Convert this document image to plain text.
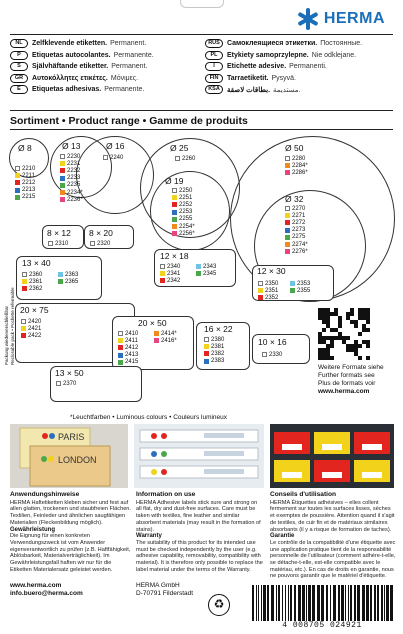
HERMA
NL	Zelfklevende etiketten. Permanent.
P	Etiquetas autocolantes. Permanente.
S	Självhäftande etiketter. Permanent.
GR	Αυτοκόλλητες ετικέτες. Μόνιμες.
E	Etiquetas adhesivas. Permanente.
RUS	Самоклеящиеся этикетки. Постоянные.
PL	Etykiety samoprzylepne. Nie odklejane.
I	Etichette adesive. Permanenti.
FIN	Tarraetiketit. Pysyvä.
KSA	بطاقات لاصقة. مستديمة.
Sortiment • Product range • Gamme de produits
Ø 8	Ø 13	Ø 16	Ø 25	Ø 50
Ø 19
Ø 32
2210
2211
2212
2213
2215
2230
2231
2232
2233
2235
2234*
2236*
2240	2260	2280
2284*
2286*
2250
2251
2252
2253
2255
2254*
2256*
2270
2271
2272
2273
2275
2274*
2276*
8 × 12
2310
8 × 20
2320
13 × 40
2360
2361
2362
2363
2365
12 × 18
2340
2341
2342
2343
2345	12 × 30
2350
2351
2352
2353
2355
20 × 75
2420
2421
2422
20 × 50
2410
2411
2412
2413
2415
2414*
2416*
16 × 22
2380
2381
2382
2383
10 × 16
2330
13 × 50
2370
Packung wiederverschließbar Reclosable pack • Pochette refermable
Weitere Formate siehe
Further formats see
Plus de formats voir
www.herma.com
*Leuchtfarben • Luminous colours • Couleurs lumineux
PARIS
LONDON
Anwendungshinweise
HERMA Haftetiketten kleben sicher und fest auf allen glatten, trockenen und staubfreien Flächen. Textilien, Feinleder und ähnlichen saugfähigen Materialien (Fleckenbildung möglich).
Gewährleistung
Die Eignung für einen konkreten Verwendungszweck ist vom Anwender eigenverantwortlich zu prüfen (z.B. Haftfähigkeit, Ablösbarkeit, Materialverträglichkeit). Im Gewährleistungsfall haften wir nur für die Etiketten Materialersatz geleistet werden.
Information on use
HERMA Adhesive labels stick sure and strong on all flat, dry and dust-free surfaces. Care must be taken with textiles, fine leather and similar absorbent materials (may result in the formation of stains).
Warranty
The suitability of this product for its intended use must be checked independently by the user (e.g. adhesive capability, removability, compatibility with material). It is therefore only possible to replace the label material under the terms of the Warranty.
Conseils d'utilisation
HERMA Étiquettes adhésives – elles collent fermement sur toutes les surfaces lisses, sèches et exemptes de poussière. Attention quand il s'agit de textiles, de cuir fin et de matériaux similaires absorbants (il y a risque de formation de taches).
Garantie
Le contrôle de la compatibilité d'une étiquette avec une application pratique tient de la responsabilité personnelle de l'utilisateur (comment adhère-t-elle, se détache-t-elle, est-elle compatible avec le matériau, etc.). En cas de droits en garantie, nous ne pouvons garantir que le matériel d'étiquette.
www.herma.com
info.buero@herma.com
HERMA GmbH
D-70791 Filderstadt
♻
4 008705 024921
